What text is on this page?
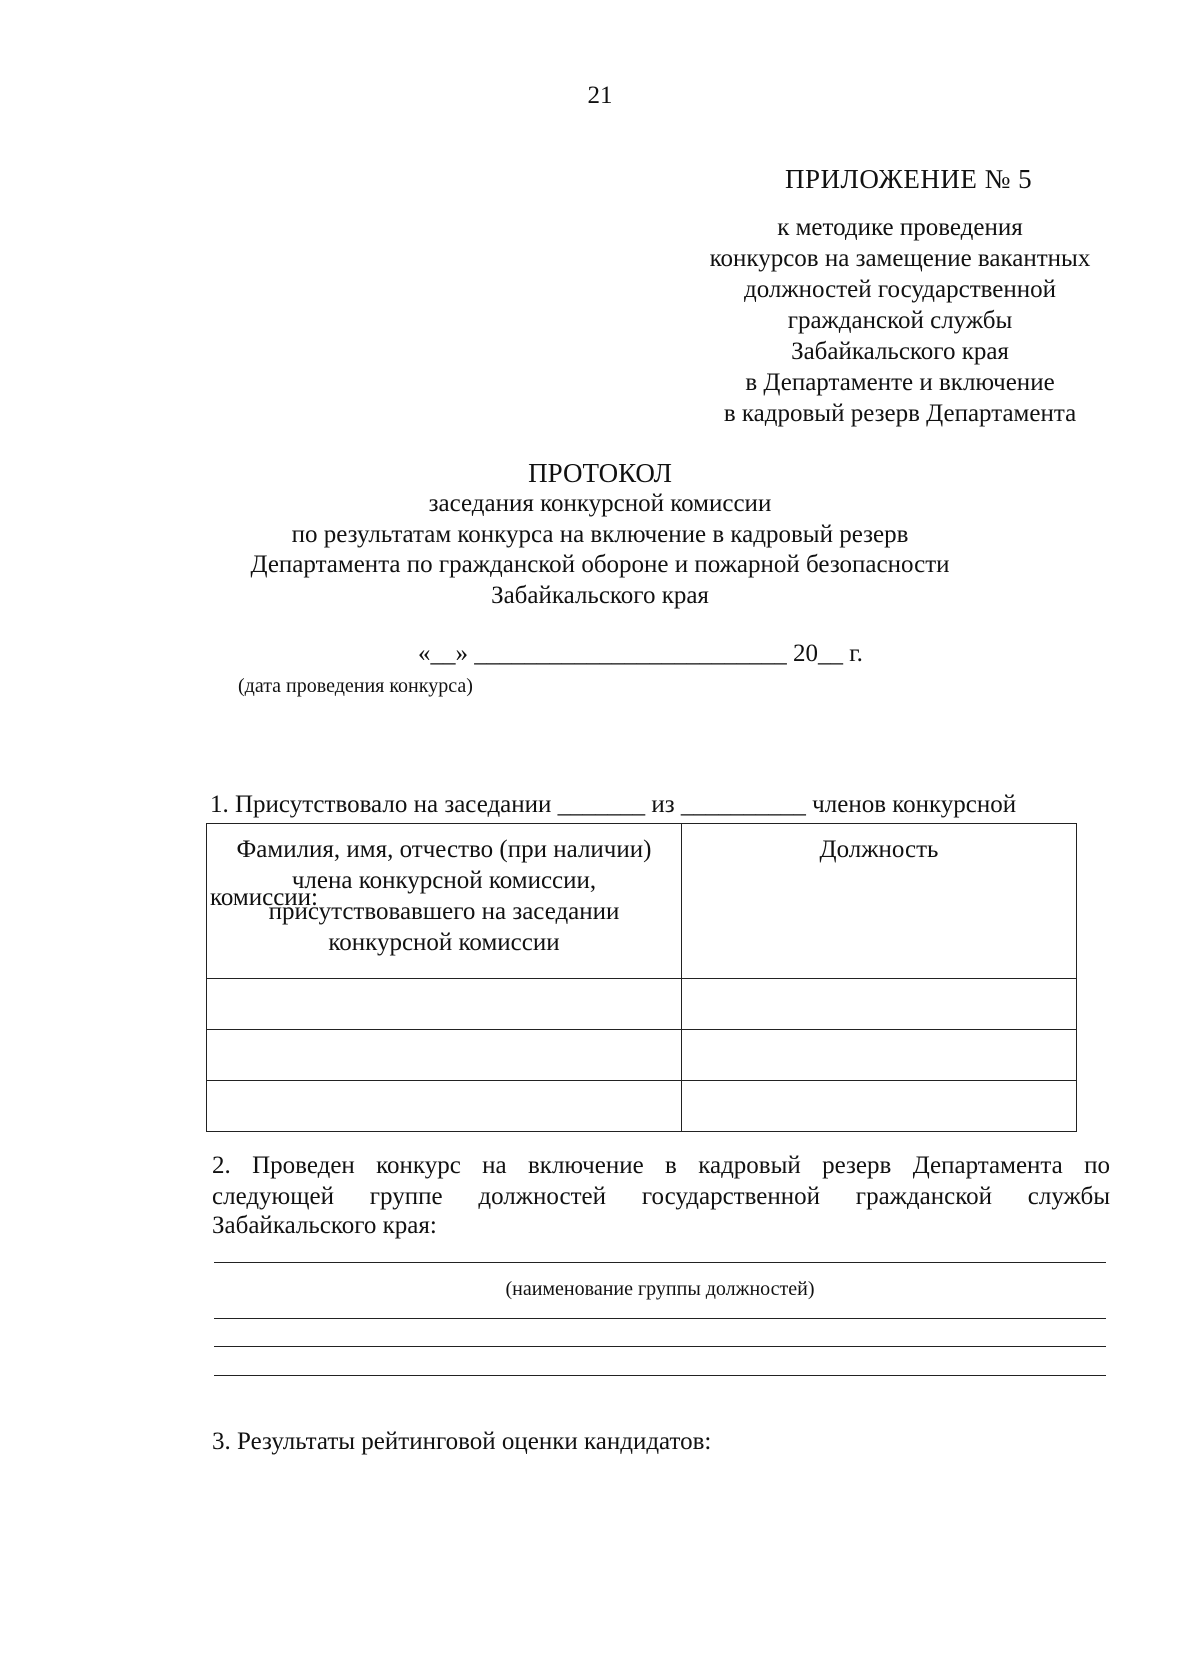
21
ПРИЛОЖЕНИЕ № 5
к методике проведения
конкурсов на замещение вакантных
должностей государственной
гражданской службы
Забайкальского края
в Департаменте и включение
в кадровый резерв Департамента
ПРОТОКОЛ
заседания конкурсной комиссии
по результатам конкурса на включение в кадровый резерв
Департамента по гражданской обороне и пожарной безопасности
Забайкальского края
«__» _________________________ 20__ г.
(дата проведения конкурса)

1. Присутствовало на заседании _______ из __________ членов конкурсной

комиссии:

Фамилия, имя, отчество (при наличии) члена конкурсной комиссии, присутствовавшего на заседании конкурсной комиссии	Должность

2. Проведен конкурс на включение в кадровый резерв Департамента по
следующей группе должностей государственной гражданской службы
Забайкальского края:
(наименование группы должностей)
3. Результаты рейтинговой оценки кандидатов:
